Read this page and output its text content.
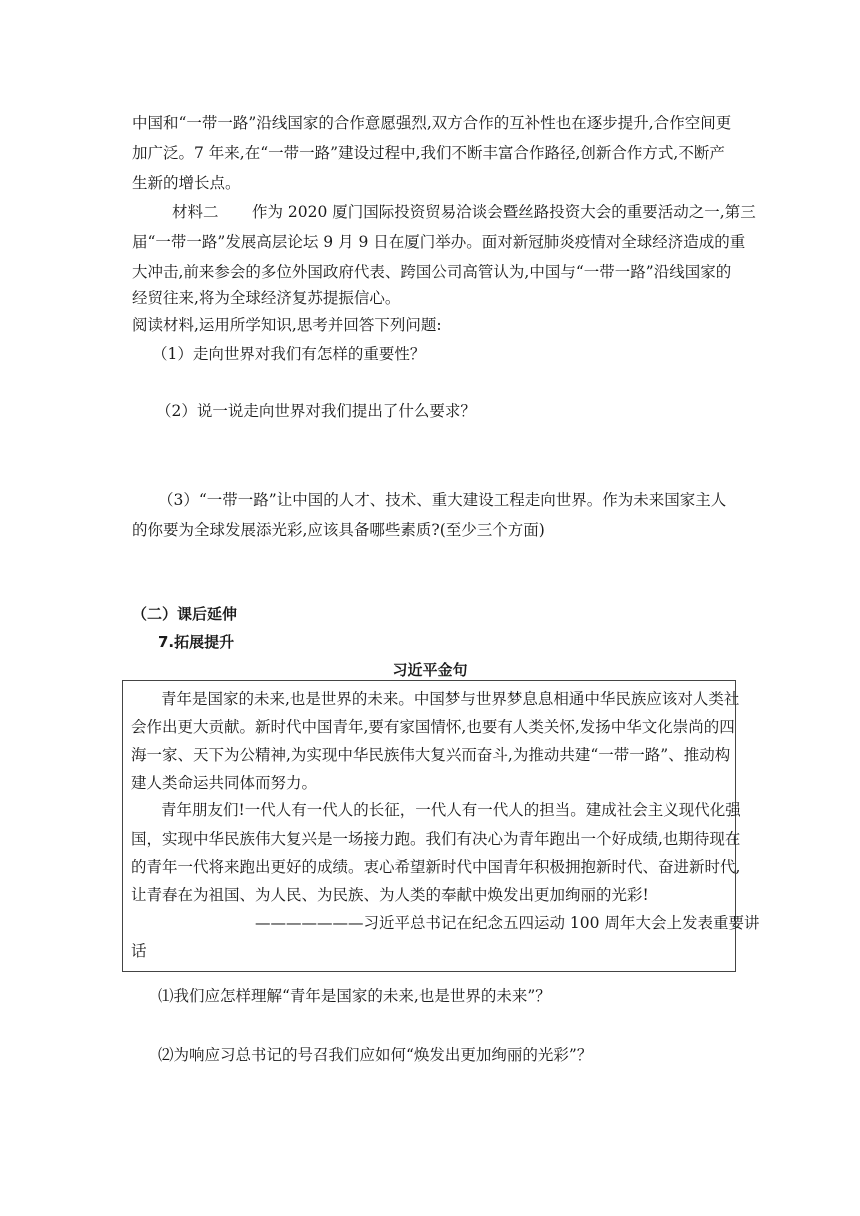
中国和“一带一路”沿线国家的合作意愿强烈,双方合作的互补性也在逐步提升,合作空间更
加广泛。7 年来,在“一带一路”建设过程中,我们不断丰富合作路径,创新合作方式,不断产
生新的增长点。
材料二 作为 2020 厦门国际投资贸易洽谈会暨丝路投资大会的重要活动之一,第三
届“一带一路”发展高层论坛 9 月 9 日在厦门举办。面对新冠肺炎疫情对全球经济造成的重
大冲击,前来参会的多位外国政府代表、跨国公司高管认为,中国与“一带一路”沿线国家的
经贸往来,将为全球经济复苏提振信心。
阅读材料,运用所学知识,思考并回答下列问题:
（1）走向世界对我们有怎样的重要性？
（2）说一说走向世界对我们提出了什么要求？
（3）“一带一路”让中国的人才、技术、重大建设工程走向世界。作为未来国家主人
的你要为全球发展添光彩,应该具备哪些素质?(至少三个方面)
（二）课后延伸
7.拓展提升
习近平金句
青年是国家的未来,也是世界的未来。中国梦与世界梦息息相通中华民族应该对人类社
会作出更大贡献。新时代中国青年,要有家国情怀,也要有人类关怀,发扬中华文化崇尚的四
海一家、天下为公精神,为实现中华民族伟大复兴而奋斗,为推动共建“一带一路”、推动构
建人类命运共同体而努力。
青年朋友们!一代人有一代人的长征，一代人有一代人的担当。建成社会主义现代化强
国，实现中华民族伟大复兴是一场接力跑。我们有决心为青年跑出一个好成绩,也期待现在
的青年一代将来跑出更好的成绩。衷心希望新时代中国青年积极拥抱新时代、奋进新时代,
让青春在为祖国、为人民、为民族、为人类的奉献中焕发出更加绚丽的光彩!
———————习近平总书记在纪念五四运动 100 周年大会上发表重要讲
话
⑴我们应怎样理解“青年是国家的未来,也是世界的未来”？
⑵为响应习总书记的号召我们应如何“焕发出更加绚丽的光彩”？
